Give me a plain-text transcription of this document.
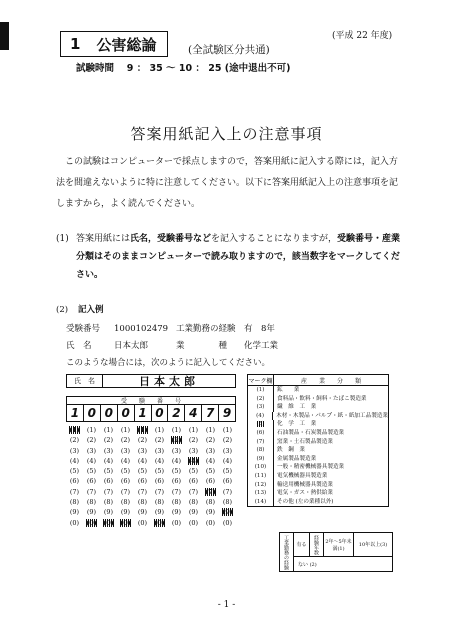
1 公害総論	(全試験区分共通)
(平成 22 年度)
試験時間　 9 ： 35 〜 10 ： 25 (途中退出不可)
答案用紙記入上の注意事項
この試験はコンピューターで採点しますので，答案用紙に記入する際には，記入方法を間違えないように特に注意してください。以下に答案用紙記入上の注意事項を記しますから，よく読んでください。
(1) 答案用紙には氏名，受験番号などを記入することになりますが，受験番号・産業分類はそのままコンピューターで読み取りますので，該当数字をマークしてください。
(2) 記入例
受験番号 1000102479 工業勤務の経験 有　8年
氏　名	日本太郎	業　　　　種 化学工業
このような場合には，次のように記入してください。
氏　名	日本太郎
受　　験　　番　　号
1 0 0 0 1 0 2 4 7 9
(1)	(1)	(1)	(1)	(1)	(1)	(1)	(1)	(1)	(1)
(2)	(2)	(2)	(2)	(2)	(2)	(2)	(2)	(2)	(2)
(3)	(3)	(3)	(3)	(3)	(3)	(3)	(3)	(3)	(3)
(4)	(4)	(4)	(4)	(4)	(4)	(4)	(4)	(4)	(4)
(5)	(5)	(5)	(5)	(5)	(5)	(5)	(5)	(5)	(5)
(6)	(6)	(6)	(6)	(6)	(6)	(6)	(6)	(6)	(6)
(7)	(7)	(7)	(7)	(7)	(7)	(7)	(7)	(7)	(7)
(8)	(8)	(8)	(8)	(8)	(8)	(8)	(8)	(8)	(8)
(9)	(9)	(9)	(9)	(9)	(9)	(9)	(9)	(9)	(9)
(0)	(0) (0) (0)	(0)	(0)	(0)	(0)	(0)	(0)
マーク欄	産　　業　　分　　類
(1)	鉱　　業
(2)	食料品・飲料・飼料・たばこ製造業
(3)	繊　維　工　業
(4)	木材・木製品・パルプ・紙・紙加工品製造業
(5)	化　学　工　業
(6)	石油製品・石炭製品製造業
(7)	窯業・土石製品製造業
(8)	鉄　鋼　業
(9)	金属製品製造業
(10)	一般・精密機械器具製造業
(11)	電気機械器具製造業
(12)	輸送用機械器具製造業
(13)	電気・ガス・熱供給業
(14)	その他 (左の業種以外)
工業勤務の経験	有る	経験年数	2年〜5年未満(1)
10年以上(3)
ない (2)
- 1 -
